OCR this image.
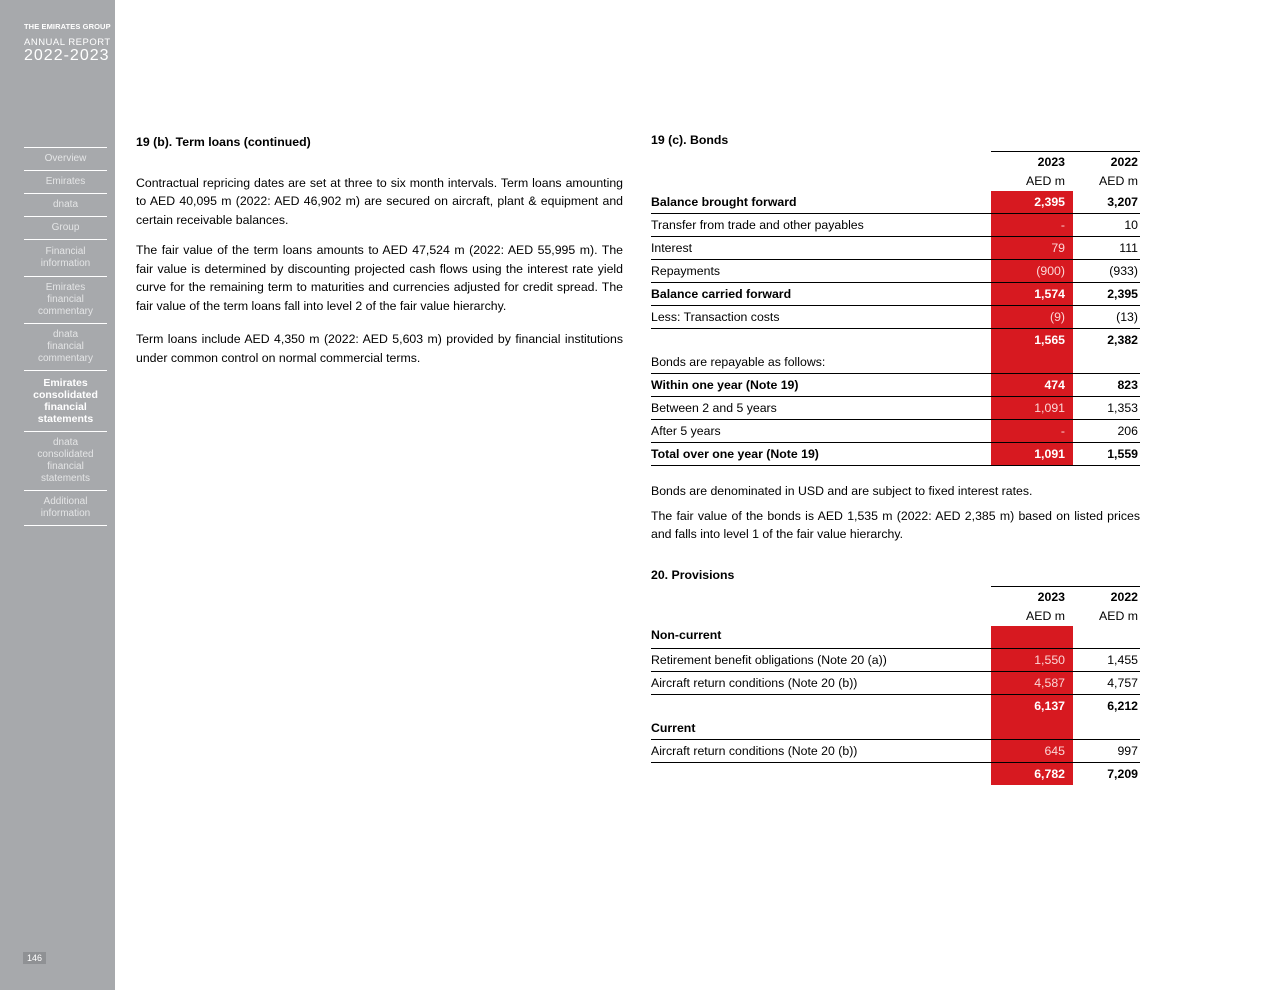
THE EMIRATES GROUP
ANNUAL REPORT
2022-2023
Overview
Emirates
dnata
Group
Financial information
Emirates financial commentary
dnata financial commentary
Emirates consolidated financial statements
dnata consolidated financial statements
Additional information
146
19 (b). Term loans (continued)

Contractual repricing dates are set at three to six month intervals. Term loans amounting to AED 40,095 m (2022: AED 46,902 m) are secured on aircraft, plant & equipment and certain receivable balances.

The fair value of the term loans amounts to AED 47,524 m (2022: AED 55,995 m). The fair value is determined by discounting projected cash flows using the interest rate yield curve for the remaining term to maturities and currencies adjusted for credit spread. The fair value of the term loans fall into level 2 of the fair value hierarchy.

Term loans include AED 4,350 m (2022: AED 5,603 m) provided by financial institutions under common control on normal commercial terms.

19 (c). Bonds
	2023	2022
	AED m	AED m
Balance brought forward	2,395	3,207
Transfer from trade and other payables	-	10
Interest	79	111
Repayments	(900)	(933)
Balance carried forward	1,574	2,395
Less: Transaction costs	(9)	(13)
	1,565	2,382
Bonds are repayable as follows:		
Within one year (Note 19)	474	823
Between 2 and 5 years	1,091	1,353
After 5 years	-	206
Total over one year (Note 19)	1,091	1,559

Bonds are denominated in USD and are subject to fixed interest rates.

The fair value of the bonds is AED 1,535 m (2022: AED 2,385 m) based on listed prices and falls into level 1 of the fair value hierarchy.

20. Provisions
	2023	2022
	AED m	AED m
Non-current		
Retirement benefit obligations (Note 20 (a))	1,550	1,455
Aircraft return conditions (Note 20 (b))	4,587	4,757
	6,137	6,212
Current		
Aircraft return conditions (Note 20 (b))	645	997
	6,782	7,209
